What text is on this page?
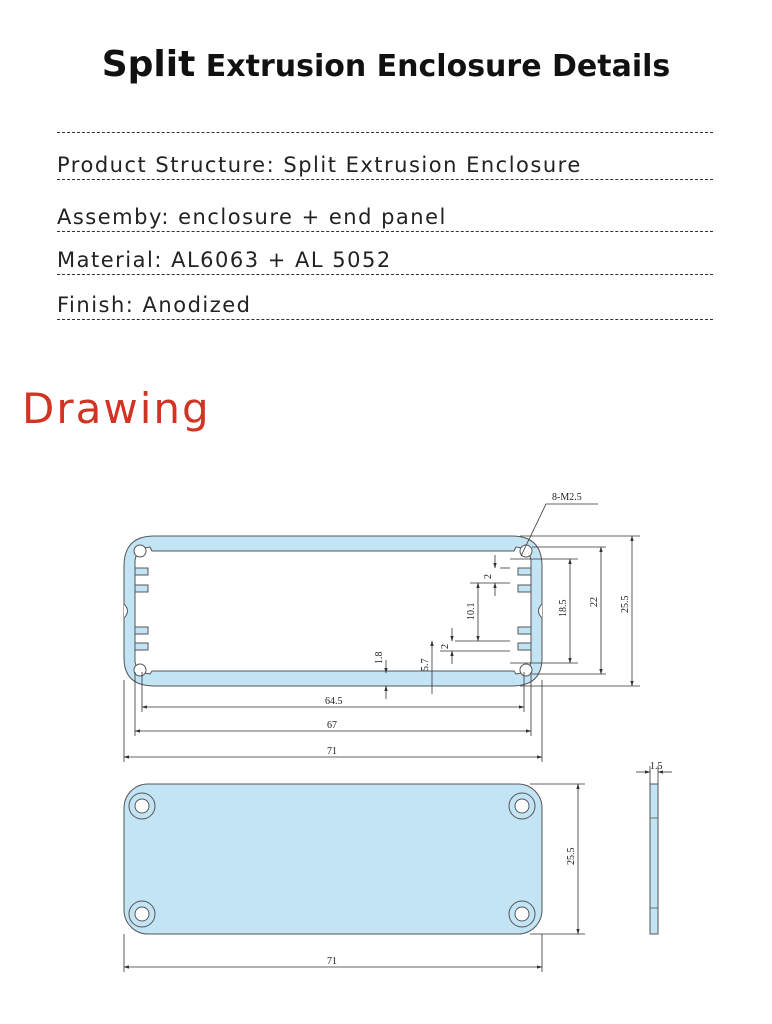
Split Extrusion Enclosure Details
Product Structure: Split Extrusion Enclosure
Assemby: enclosure + end panel
Material: AL6063 + AL 5052
Finish: Anodized
Drawing
8-M2.5
64.5
67
71
25.5
22
18.5
10.1
2
2
5.7
1.8
25.5
71
1.5
